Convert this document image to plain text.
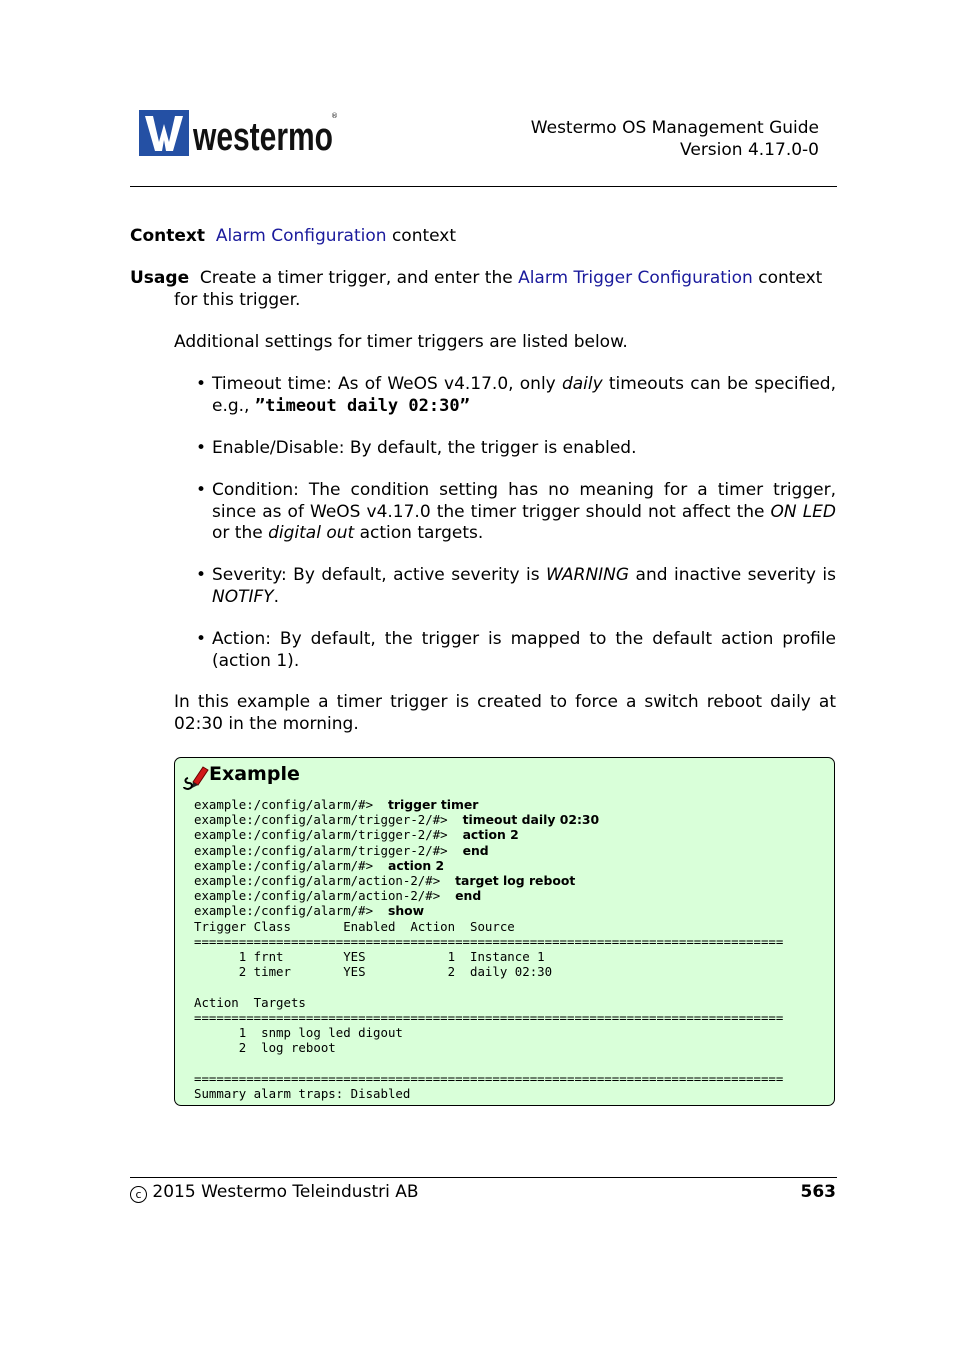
westermo
®
Westermo OS Management Guide
Version 4.17.0-0
Context Alarm Configuration context
Usage Create a timer trigger, and enter the Alarm Trigger Configuration context
for this trigger.
Additional settings for timer triggers are listed below.
• Timeout time: As of WeOS v4.17.0, only daily timeouts can be specified, e.g., ”timeout daily 02:30”
• Enable/Disable: By default, the trigger is enabled.
• Condition: The condition setting has no meaning for a timer trigger, since as of WeOS v4.17.0 the timer trigger should not affect the ON LED or the digital out action targets.
• Severity: By default, active severity is WARNING and inactive severity is NOTIFY.
• Action: By default, the trigger is mapped to the default action profile (action 1).
In this example a timer trigger is created to force a switch reboot daily at 02:30 in the morning.
Example
example:/config/alarm/#>  trigger timer
example:/config/alarm/trigger-2/#>  timeout daily 02:30
example:/config/alarm/trigger-2/#>  action 2
example:/config/alarm/trigger-2/#>  end
example:/config/alarm/#>  action 2
example:/config/alarm/action-2/#>  target log reboot
example:/config/alarm/action-2/#>  end
example:/config/alarm/#>  show
Trigger Class       Enabled  Action  Source
===============================================================================
1 frnt        YES           1  Instance 1
2 timer       YES           2  daily 02:30

Action  Targets
===============================================================================
1  snmp log led digout
2  log reboot

===============================================================================
Summary alarm traps: Disabled
c 2015 Westermo Teleindustri AB	563
